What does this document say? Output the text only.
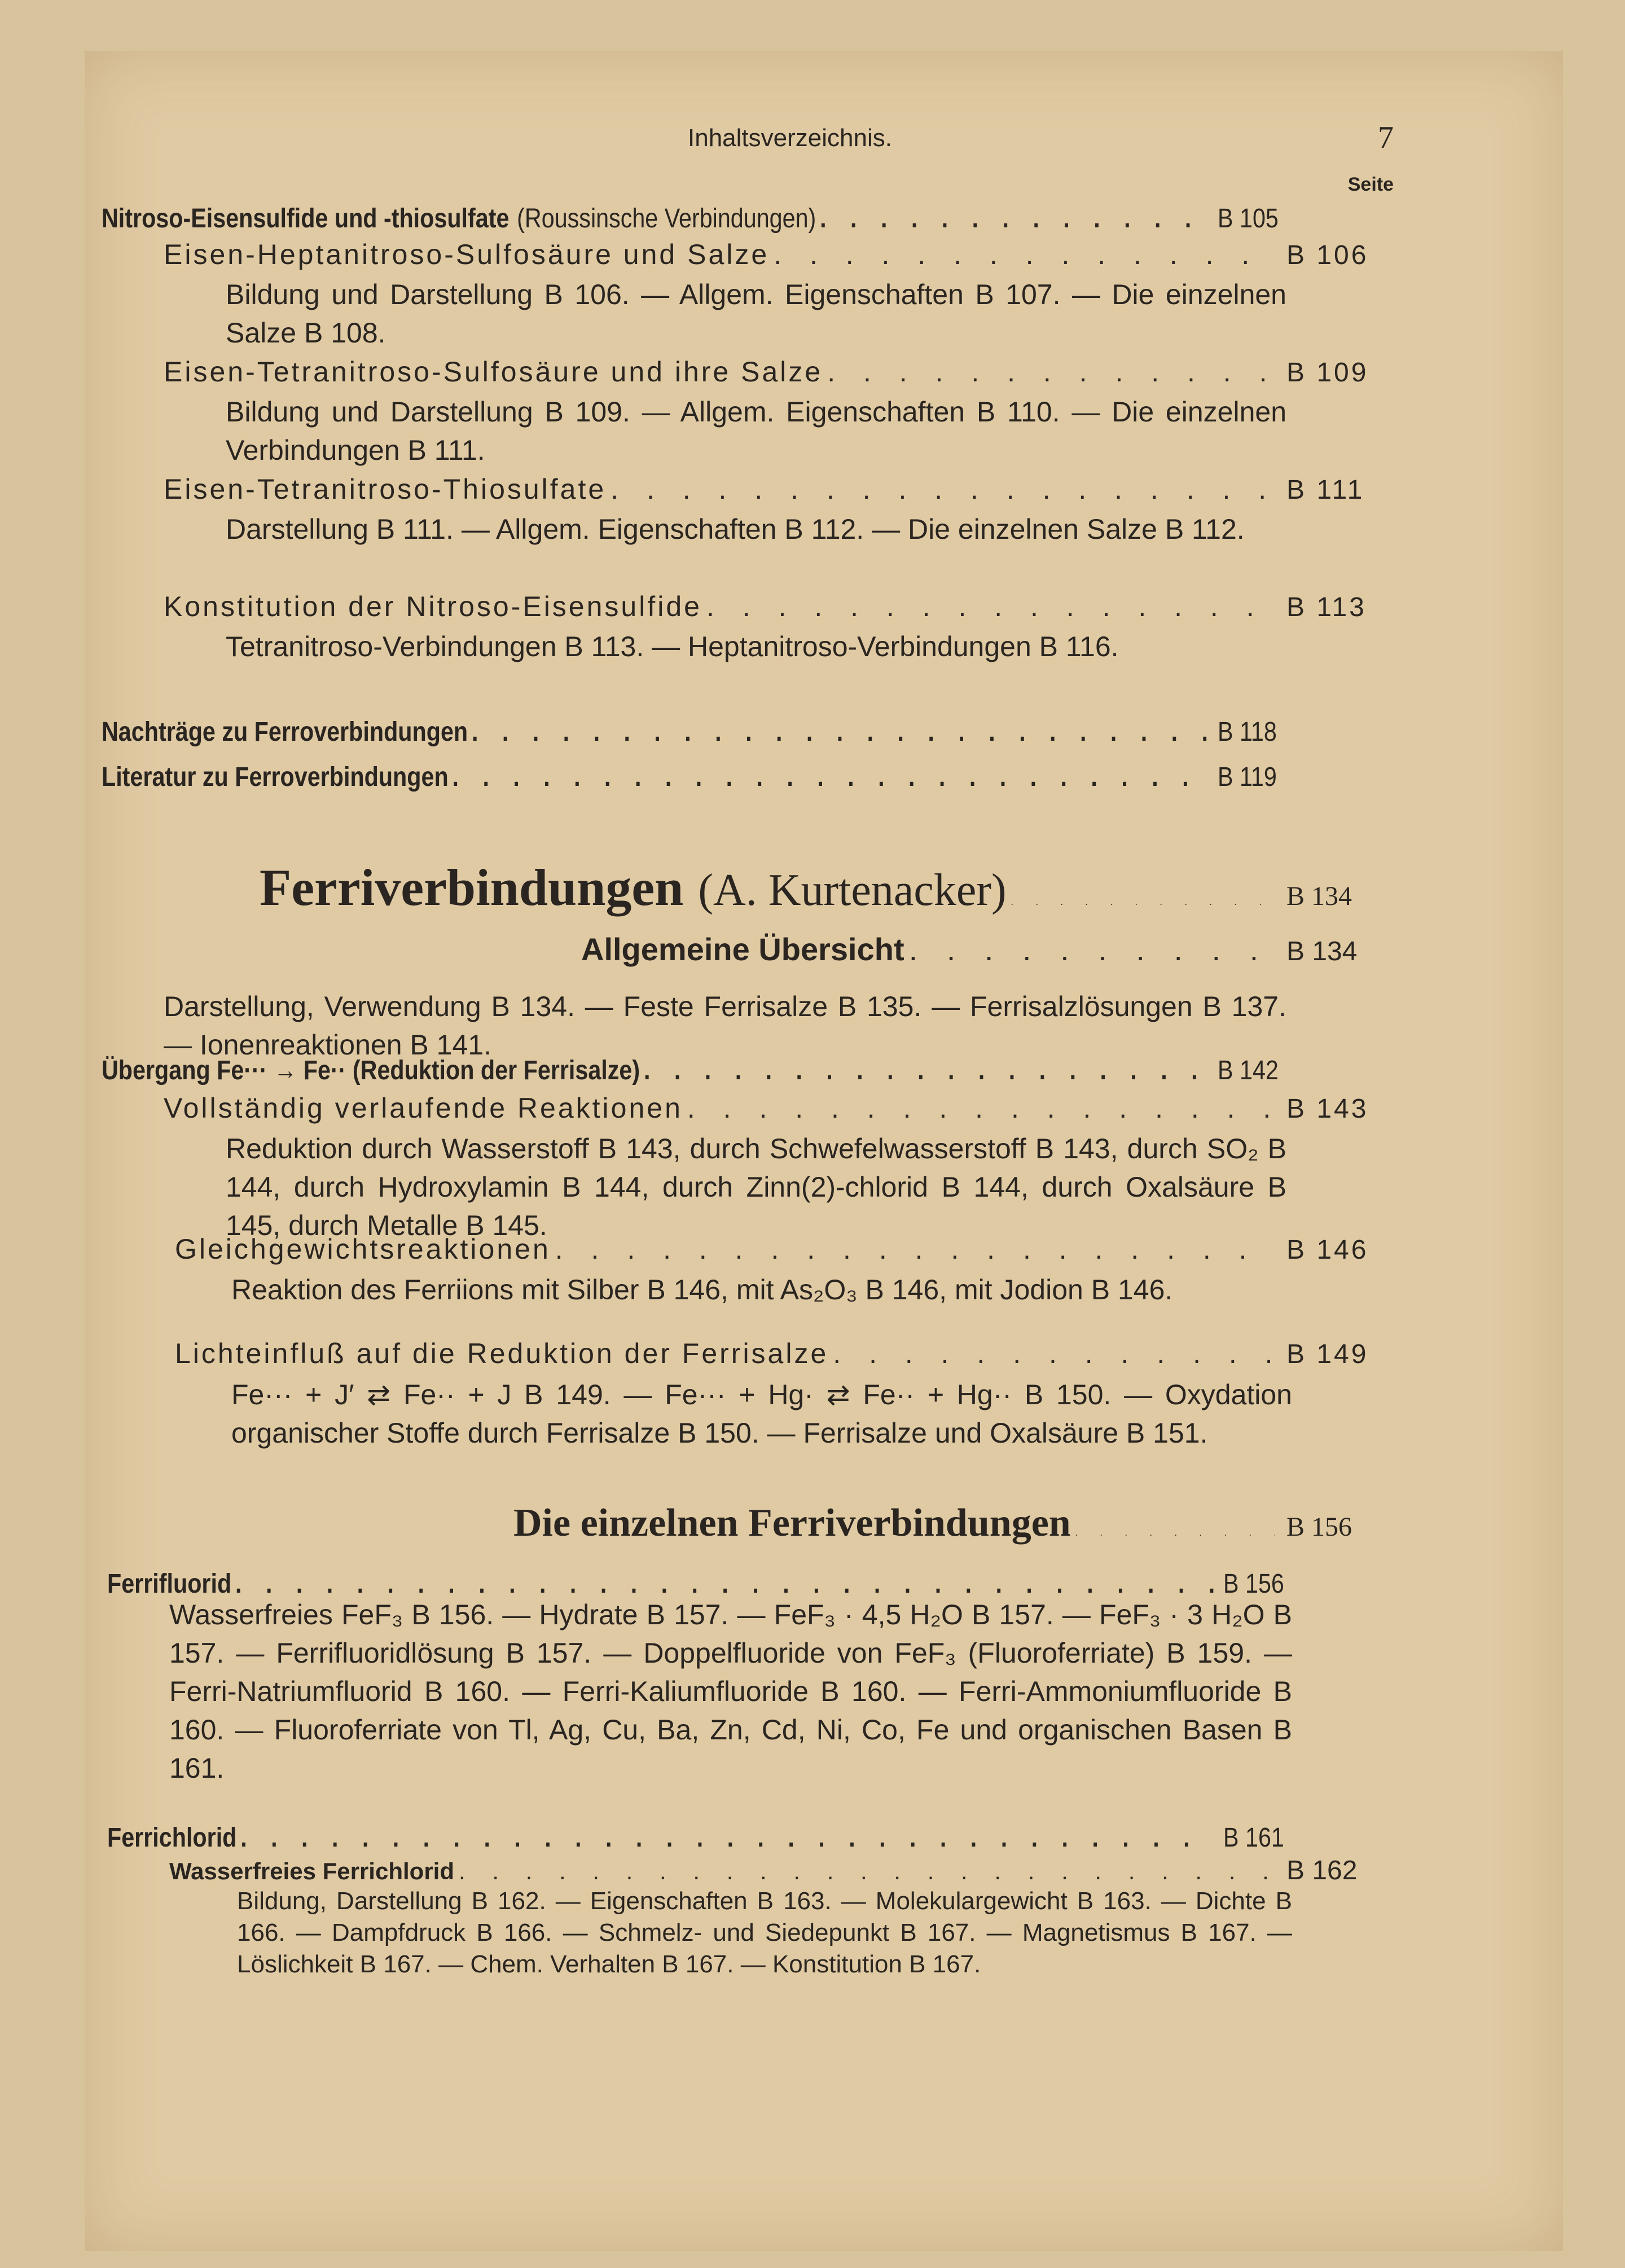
Inhaltsverzeichnis.	7
Seite
Nitroso-Eisensulfide und -thiosulfate (Roussinsche Verbindungen) . . .	B 105
Eisen-Heptanitroso-Sulfosäure und Salze . . .	B 106
Bildung und Darstellung B 106. — Allgem. Eigenschaften B 107. — Die einzelnen Salze B 108.
Eisen-Tetranitroso-Sulfosäure und ihre Salze . . .	B 109
Bildung und Darstellung B 109. — Allgem. Eigenschaften B 110. — Die einzelnen Verbindungen B 111.
Eisen-Tetranitroso-Thiosulfate . . .	B 111
Darstellung B 111. — Allgem. Eigenschaften B 112. — Die einzelnen Salze B 112.
Konstitution der Nitroso-Eisensulfide . . .	B 113
Tetranitroso-Verbindungen B 113. — Heptanitroso-Verbindungen B 116.
Nachträge zu Ferroverbindungen . . .	B 118
Literatur zu Ferroverbindungen . . .	B 119
Ferriverbindungen (A. Kurtenacker) . . .	B 134
Allgemeine Übersicht . . .	B 134
Darstellung, Verwendung B 134. — Feste Ferrisalze B 135. — Ferrisalzlösungen B 137. — Ionenreaktionen B 141.
Übergang Fe··· → Fe·· (Reduktion der Ferrisalze) . . .	B 142
Vollständig verlaufende Reaktionen . . .	B 143
Reduktion durch Wasserstoff B 143, durch Schwefelwasserstoff B 143, durch SO₂ B 144, durch Hydroxylamin B 144, durch Zinn(2)-chlorid B 144, durch Oxalsäure B 145, durch Metalle B 145.
Gleichgewichtsreaktionen . . .	B 146
Reaktion des Ferriions mit Silber B 146, mit As₂O₃ B 146, mit Jodion B 146.
Lichteinfluß auf die Reduktion der Ferrisalze . . .	B 149
Fe··· + J′ ⇄ Fe·· + J B 149. — Fe··· + Hg· ⇄ Fe·· + Hg·· B 150. — Oxydation organischer Stoffe durch Ferrisalze B 150. — Ferrisalze und Oxalsäure B 151.
Die einzelnen Ferriverbindungen . . .	B 156
Ferrifluorid . . .	B 156
Wasserfreies FeF₃ B 156. — Hydrate B 157. — FeF₃ · 4,5 H₂O B 157. — FeF₃ · 3 H₂O B 157. — Ferrifluoridlösung B 157. — Doppelfluoride von FeF₃ (Fluoroferriate) B 159. — Ferri-Natriumfluorid B 160. — Ferri-Kaliumfluoride B 160. — Ferri-Ammoniumfluoride B 160. — Fluoroferriate von Tl, Ag, Cu, Ba, Zn, Cd, Ni, Co, Fe und organischen Basen B 161.
Ferrichlorid . . .	B 161
Wasserfreies Ferrichlorid . . .	B 162
Bildung, Darstellung B 162. — Eigenschaften B 163. — Molekulargewicht B 163. — Dichte B 166. — Dampfdruck B 166. — Schmelz- und Siedepunkt B 167. — Magnetismus B 167. — Löslichkeit B 167. — Chem. Verhalten B 167. — Konstitution B 167.
